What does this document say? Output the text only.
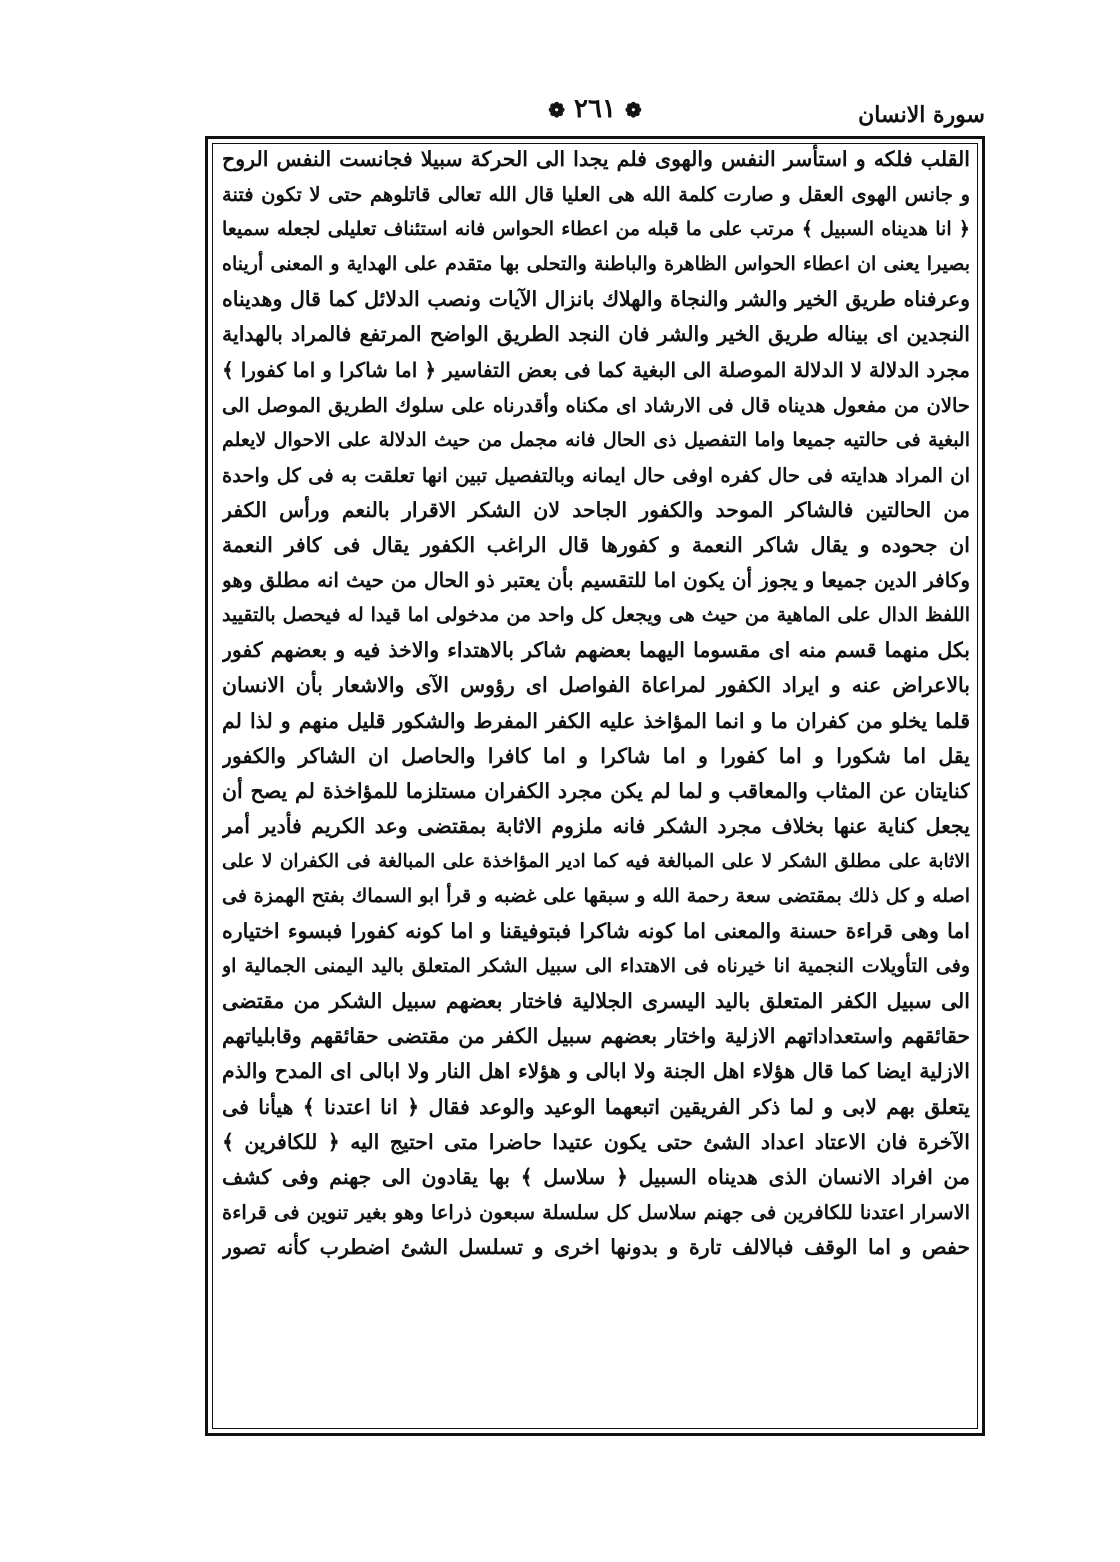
سورة الانسان
❁ ٢٦١ ❁
القلب فلكه و استأسر النفس والهوى فلم يجدا الى الحركة سبيلا فجانست النفس الروح
و جانس الهوى العقل و صارت كلمة الله هى العليا قال الله تعالى قاتلوهم حتى لا تكون فتنة
﴿ انا هديناه السبيل ﴾ مرتب على ما قبله من اعطاء الحواس فانه استئناف تعليلى لجعله سميعا
بصيرا يعنى ان اعطاء الحواس الظاهرة والباطنة والتحلى بها متقدم على الهداية و المعنى أريناه
وعرفناه طريق الخير والشر والنجاة والهلاك بانزال الآيات ونصب الدلائل كما قال وهديناه
النجدين اى بيناله طريق الخير والشر فان النجد الطريق الواضح المرتفع فالمراد بالهداية
مجرد الدلالة لا الدلالة الموصلة الى البغية كما فى بعض التفاسير ﴿ اما شاكرا و اما كفورا ﴾
حالان من مفعول هديناه قال فى الارشاد اى مكناه وأقدرناه على سلوك الطريق الموصل الى
البغية فى حالتيه جميعا واما التفصيل ذى الحال فانه مجمل من حيث الدلالة على الاحوال لايعلم
ان المراد هدايته فى حال كفره اوفى حال ايمانه وبالتفصيل تبين انها تعلقت به فى كل واحدة
من الحالتين فالشاكر الموحد والكفور الجاحد لان الشكر الاقرار بالنعم ورأس الكفر
ان جحوده و يقال شاكر النعمة و كفورها قال الراغب الكفور يقال فى كافر النعمة
وكافر الدين جميعا و يجوز أن يكون اما للتقسيم بأن يعتبر ذو الحال من حيث انه مطلق وهو
اللفظ الدال على الماهية من حيث هى ويجعل كل واحد من مدخولى اما قيدا له فيحصل بالتقييد
بكل منهما قسم منه اى مقسوما اليهما بعضهم شاكر بالاهتداء والاخذ فيه و بعضهم كفور
بالاعراض عنه و ايراد الكفور لمراعاة الفواصل اى رؤوس الآى والاشعار بأن الانسان
قلما يخلو من كفران ما و انما المؤاخذ عليه الكفر المفرط والشكور قليل منهم و لذا لم
يقل اما شكورا و اما كفورا و اما شاكرا و اما كافرا والحاصل ان الشاكر والكفور
كنايتان عن المثاب والمعاقب و لما لم يكن مجرد الكفران مستلزما للمؤاخذة لم يصح أن
يجعل كناية عنها بخلاف مجرد الشكر فانه ملزوم الاثابة بمقتضى وعد الكريم فأدير أمر
الاثابة على مطلق الشكر لا على المبالغة فيه كما ادير المؤاخذة على المبالغة فى الكفران لا على
اصله و كل ذلك بمقتضى سعة رحمة الله و سبقها على غضبه و قرأ ابو السماك بفتح الهمزة فى
اما وهى قراءة حسنة والمعنى اما كونه شاكرا فبتوفيقنا و اما كونه كفورا فبسوء اختياره
وفى التأويلات النجمية انا خيرناه فى الاهتداء الى سبيل الشكر المتعلق باليد اليمنى الجمالية او
الى سبيل الكفر المتعلق باليد اليسرى الجلالية فاختار بعضهم سبيل الشكر من مقتضى
حقائقهم واستعداداتهم الازلية واختار بعضهم سبيل الكفر من مقتضى حقائقهم وقابلياتهم
الازلية ايضا كما قال هؤلاء اهل الجنة ولا ابالى و هؤلاء اهل النار ولا ابالى اى المدح والذم
يتعلق بهم لابى و لما ذكر الفريقين اتبعهما الوعيد والوعد فقال ﴿ انا اعتدنا ﴾ هيأنا فى
الآخرة فان الاعتاد اعداد الشئ حتى يكون عتيدا حاضرا متى احتيج اليه ﴿ للكافرين ﴾
من افراد الانسان الذى هديناه السبيل ﴿ سلاسل ﴾ بها يقادون الى جهنم وفى كشف
الاسرار اعتدنا للكافرين فى جهنم سلاسل كل سلسلة سبعون ذراعا وهو بغير تنوين فى قراءة
حفص و اما الوقف فبالالف تارة و بدونها اخرى و تسلسل الشئ اضطرب كأنه تصور
